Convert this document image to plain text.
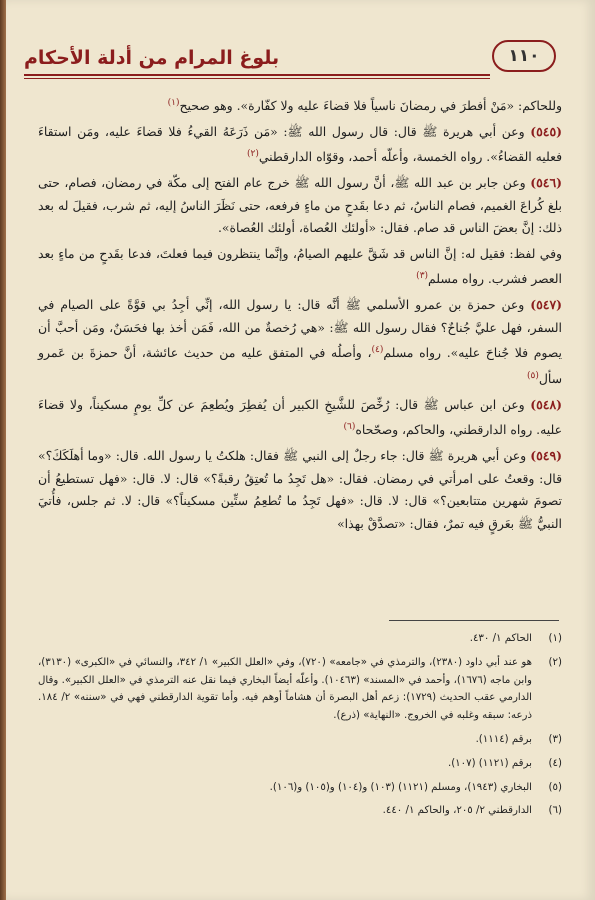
بلوغ المرام من أدلة الأحكام	١١٠

وللحاكم: «مَنْ أفطرَ في رمضانَ ناسياً فلا قضاءَ عليه ولا كفّارة». وهو صحيح$^{(١)}$

(٥٤٥) وعن أبي هريرة ﷺ قال: قال رسول الله ﷺ: «مَن ذَرَعَهُ القيءُ فلا قضاءَ عليه، ومَن استقاءَ فعليه القضاءُ». رواه الخمسة، وأعلّه أحمد، وقوّاه الدارقطني$^{(٢)}$

(٥٤٦) وعن جابر بن عبد الله ﷺ، أنَّ رسول الله ﷺ خرج عام الفتح إلى مكّة في رمضان، فصام، حتى بلغ كُراعَ الغميم، فصام الناسُ، ثم دعا بقَدحٍ من ماءٍ فرفعه، حتى نَظَرَ الناسُ إليه، ثم شرب، فقيلَ له بعد ذلك: إنَّ بعضَ الناس قد صام. فقال: «أولئك العُصاة، أولئك العُصاة».

وفي لفظ: فقيل له: إنَّ الناس قد شَقَّ عليهم الصيامُ، وإنَّما ينتظرون فيما فعلتَ، فدعا بقَدحٍ من ماءٍ بعد العصر فشرب. رواه مسلم$^{(٣)}$

(٥٤٧) وعن حمزة بن عمرو الأسلمي ﷺ أنَّه قال: يا رسول الله، إنِّي أجِدُ بي قوَّةً على الصيام في السفر، فهل عليَّ جُناحٌ؟ فقال رسول الله ﷺ: «هي رُخصةٌ من الله، فَمَن أخذ بها فحَسَنٌ، ومَن أحبَّ أن يصوم فلا جُناحَ عليه». رواه مسلم$^{(٤)}$، وأصلُه في المتفق عليه من حديث عائشة، أنَّ حمزةَ بن عَمرو سأل$^{(٥)}$

(٥٤٨) وعن ابن عباس ﷺ قال: رُخِّصَ للشَّيخِ الكبير أن يُفطِرَ ويُطعِمَ عن كلِّ يومٍ مسكيناً، ولا قضاءَ عليه. رواه الدارقطني، والحاكم، وصحّحاه$^{(٦)}$

(٥٤٩) وعن أبي هريرة ﷺ قال: جاء رجلٌ إلى النبي ﷺ فقال: هلكتُ يا رسول الله. قال: «وما أهلَكَكَ؟» قال: وقعتُ على امرأتي في رمضان. فقال: «هل تَجِدُ ما تُعتِقُ رقبةً؟» قال: لا. قال: «فهل تستطيعُ أن تصومَ شهرين متتابعين؟» قال: لا. قال: «فهل تَجِدُ ما تُطعِمُ ستِّين مسكيناً؟» قال: لا. ثم جلس، فأُتيَ النبيُّ ﷺ بعَرقٍ فيه تمرٌ، فقال: «تصدَّقْ بهذا»

(١)
الحاكم ١/ ٤٣٠.
(٢)
هو عند أبي داود (٢٣٨٠)، والترمذي في «جامعه» (٧٢٠)، وفي «العلل الكبير» ١/ ٣٤٢، والنسائي في «الكبرى» (٣١٣٠)، وابن ماجه (١٦٧٦)، وأحمد في «المسند» (١٠٤٦٣). وأعلّه أيضاً البخاري فيما نقل عنه الترمذي في «العلل الكبير». وقال الدارمي عقب الحديث (١٧٢٩): زعم أهل البصرة أن هشاماً أوهم فيه. وأما تقوية الدارقطني فهي في «سننه» ٢/ ١٨٤. ذرعه: سبقه وغلبه في الخروج. «النهاية» (ذرع).
(٣)
برقم (١١١٤).
(٤)
برقم (١١٢١) (١٠٧).
(٥)
البخاري (١٩٤٣)، ومسلم (١١٢١) (١٠٣) و(١٠٤) و(١٠٥) و(١٠٦).
(٦)
الدارقطني ٢/ ٢٠٥، والحاكم ١/ ٤٤٠.
